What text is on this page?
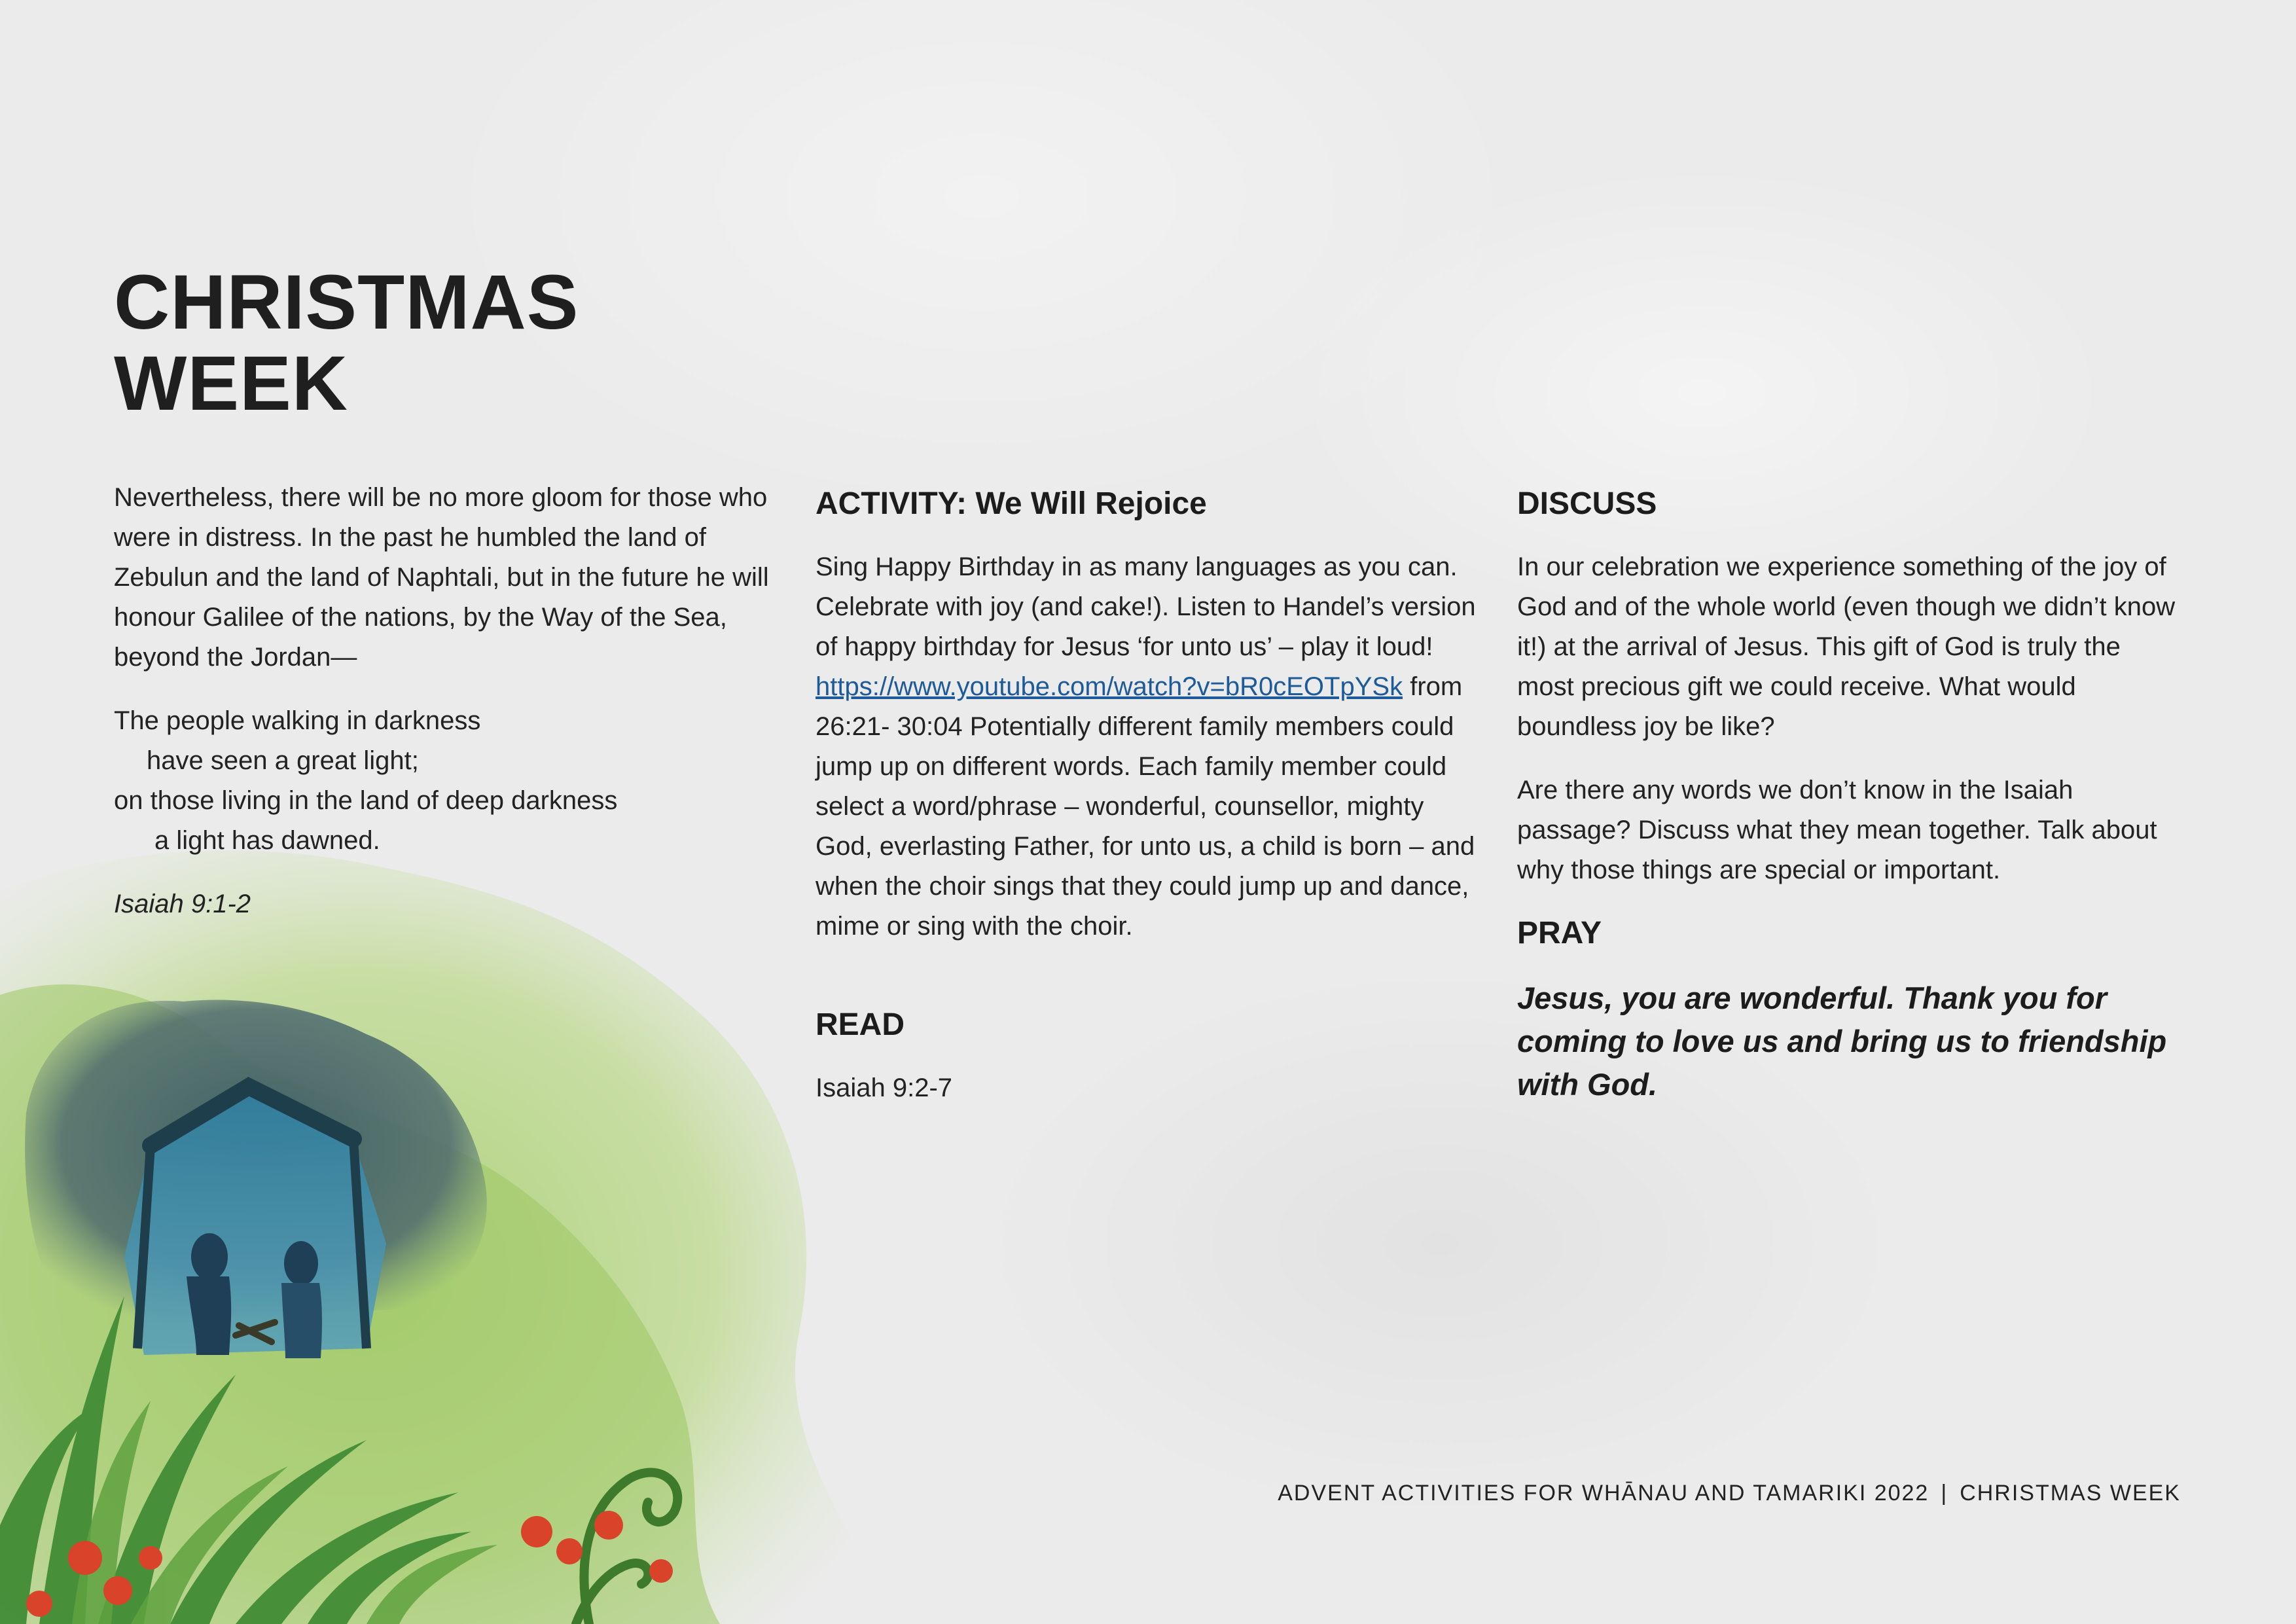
CHRISTMAS
WEEK

Nevertheless, there will be no more gloom for those who were in distress. In the past he humbled the land of Zebulun and the land of Naphtali, but in the future he will honour Galilee of the nations, by the Way of the Sea, beyond the Jordan—

The people walking in darkness
have seen a great light;
on those living in the land of deep darkness
a light has dawned.

Isaiah 9:1-2

ACTIVITY: We Will Rejoice

Sing Happy Birthday in as many languages as you can. Celebrate with joy (and cake!). Listen to Handel’s version of happy birthday for Jesus ‘for unto us’ – play it loud!   https://www.youtube.com/watch?v=bR0cEOTpYSk from 26:21- 30:04 Potentially different family members could jump up on different words. Each family member could select a word/phrase – wonderful, counsellor, mighty God, everlasting Father, for unto us, a child is born – and when the choir sings that they could jump up and dance, mime or sing with the choir.

READ

Isaiah 9:2-7

DISCUSS

In our celebration we experience something of the joy of God and of the whole world (even though we didn’t know it!) at the arrival of Jesus. This gift of God is truly the most precious gift we could receive. What would boundless joy be like?

Are there any words we don’t know in the Isaiah passage? Discuss what they mean together. Talk about why those things are special or important.

PRAY

Jesus, you are wonderful. Thank you for coming to love us and bring us to friendship with God.

ADVENT ACTIVITIES FOR WHĀNAU AND TAMARIKI 2022 | CHRISTMAS WEEK
